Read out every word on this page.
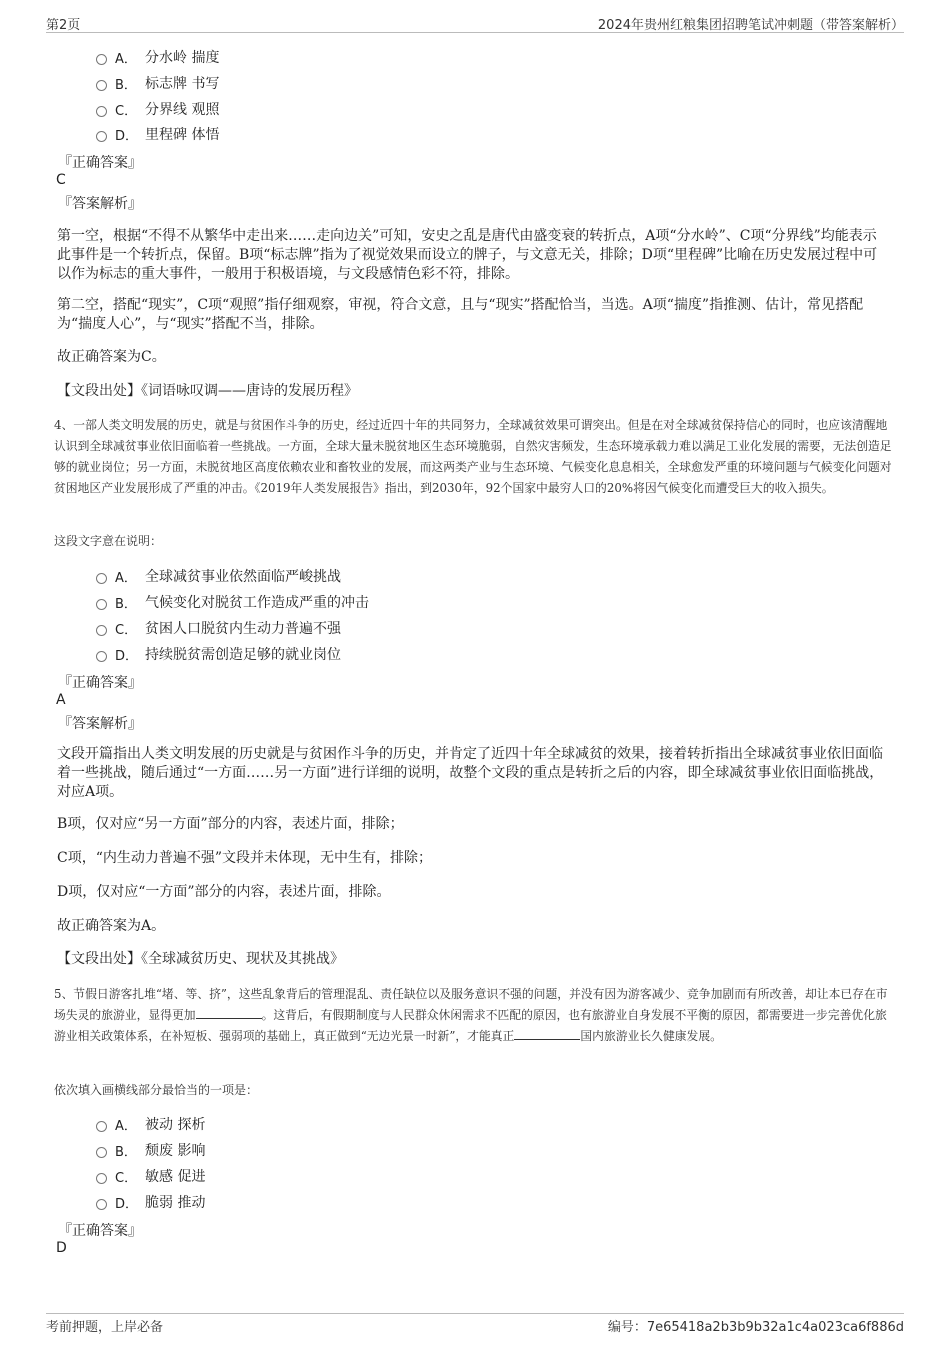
第2页	2024年贵州红粮集团招聘笔试冲刺题（带答案解析）
A． 分水岭 揣度
B． 标志牌 书写
C． 分界线 观照
D． 里程碑 体悟
『正确答案』
C
『答案解析』

第一空，根据“不得不从繁华中走出来……走向边关”可知，安史之乱是唐代由盛变衰的转折点，A项“分水岭”、C项“分界线”均能表示此事件是一个转折点，保留。B项“标志牌”指为了视觉效果而设立的牌子，与文意无关，排除；D项“里程碑”比喻在历史发展过程中可以作为标志的重大事件，一般用于积极语境，与文段感情色彩不符，排除。

第二空，搭配“现实”，C项“观照”指仔细观察，审视，符合文意，且与“现实”搭配恰当，当选。A项“揣度”指推测、估计，常见搭配为“揣度人心”，与“现实”搭配不当，排除。

故正确答案为C。

【文段出处】《词语咏叹调——唐诗的发展历程》

4、一部人类文明发展的历史，就是与贫困作斗争的历史，经过近四十年的共同努力，全球减贫效果可谓突出。但是在对全球减贫保持信心的同时，也应该清醒地认识到全球减贫事业依旧面临着一些挑战。一方面，全球大量未脱贫地区生态环境脆弱，自然灾害频发，生态环境承载力难以满足工业化发展的需要，无法创造足够的就业岗位；另一方面，未脱贫地区高度依赖农业和畜牧业的发展，而这两类产业与生态环境、气候变化息息相关，全球愈发严重的环境问题与气候变化问题对贫困地区产业发展形成了严重的冲击。《2019年人类发展报告》指出，到2030年，92个国家中最穷人口的20%将因气候变化而遭受巨大的收入损失。

这段文字意在说明：
A． 全球减贫事业依然面临严峻挑战
B． 气候变化对脱贫工作造成严重的冲击
C． 贫困人口脱贫内生动力普遍不强
D． 持续脱贫需创造足够的就业岗位
『正确答案』
A
『答案解析』

文段开篇指出人类文明发展的历史就是与贫困作斗争的历史，并肯定了近四十年全球减贫的效果，接着转折指出全球减贫事业依旧面临着一些挑战，随后通过“一方面……另一方面”进行详细的说明，故整个文段的重点是转折之后的内容，即全球减贫事业依旧面临挑战，对应A项。

B项，仅对应“另一方面”部分的内容，表述片面，排除；

C项，“内生动力普遍不强”文段并未体现，无中生有，排除；

D项，仅对应“一方面”部分的内容，表述片面，排除。

故正确答案为A。

【文段出处】《全球减贫历史、现状及其挑战》

5、节假日游客扎堆“堵、等、挤”，这些乱象背后的管理混乱、责任缺位以及服务意识不强的问题，并没有因为游客减少、竞争加剧而有所改善，却让本已存在市场失灵的旅游业，显得更加	。这背后，有假期制度与人民群众休闲需求不匹配的原因，也有旅游业自身发展不平衡的原因，都需要进一步完善优化旅游业相关政策体系，在补短板、强弱项的基础上，真正做到“无边光景一时新”，才能真正	国内旅游业长久健康发展。

依次填入画横线部分最恰当的一项是：
A． 被动 探析
B． 颓废 影响
C． 敏感 促进
D． 脆弱 推动
『正确答案』
D
考前押题，上岸必备	编号：7e65418a2b3b9b32a1c4a023ca6f886d
